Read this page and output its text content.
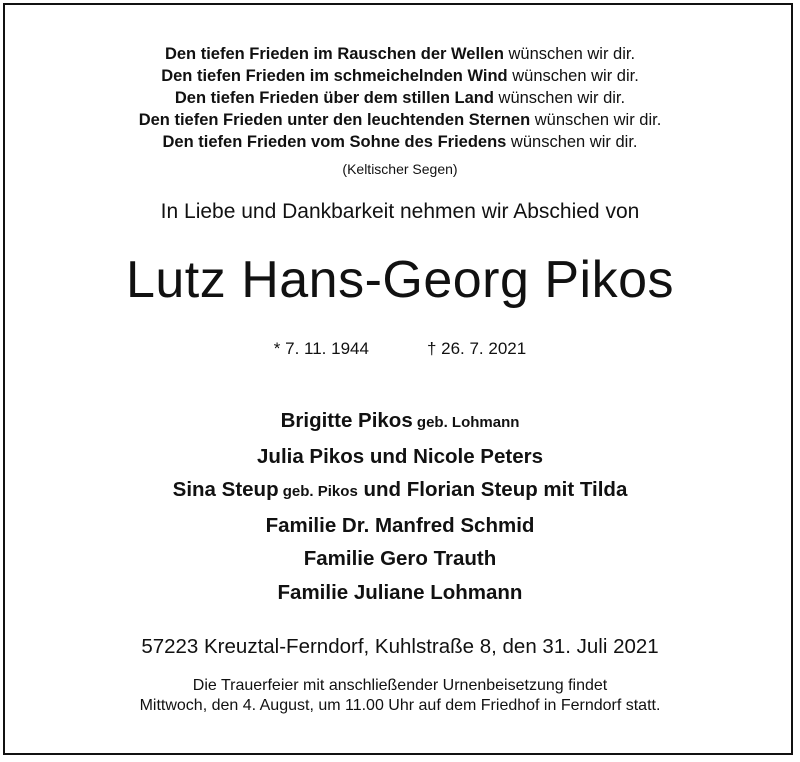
Den tiefen Frieden im Rauschen der Wellen wünschen wir dir.
Den tiefen Frieden im schmeichelnden Wind wünschen wir dir.
Den tiefen Frieden über dem stillen Land wünschen wir dir.
Den tiefen Frieden unter den leuchtenden Sternen wünschen wir dir.
Den tiefen Frieden vom Sohne des Friedens wünschen wir dir.
(Keltischer Segen)
In Liebe und Dankbarkeit nehmen wir Abschied von
Lutz Hans-Georg Pikos
* 7. 11. 1944	† 26. 7. 2021
Brigitte Pikos geb. Lohmann
Julia Pikos und Nicole Peters
Sina Steup geb. Pikos und Florian Steup mit Tilda
Familie Dr. Manfred Schmid
Familie Gero Trauth
Familie Juliane Lohmann
57223 Kreuztal-Ferndorf, Kuhlstraße 8, den 31. Juli 2021
Die Trauerfeier mit anschließender Urnenbeisetzung findet
Mittwoch, den 4. August, um 11.00 Uhr auf dem Friedhof in Ferndorf statt.
